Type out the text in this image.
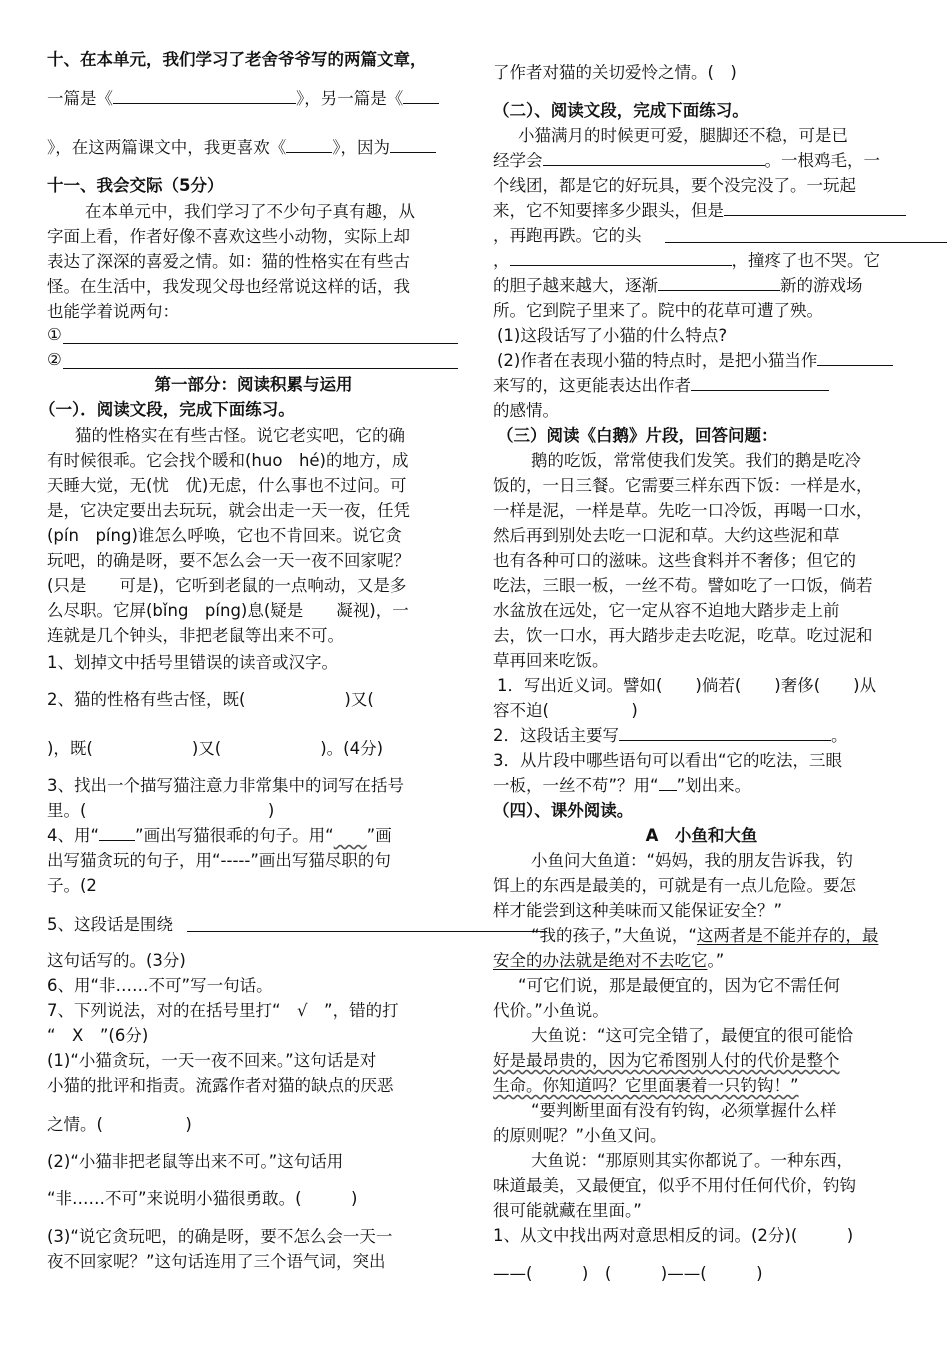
十、在本单元，我们学习了老舍爷爷写的两篇文章，
一篇是《	》，另一篇是《
》，在这两篇课文中，我更喜欢《	》，因为
十一、我会交际（5分）
在本单元中，我们学习了不少句子真有趣，从
字面上看，作者好像不喜欢这些小动物，实际上却
表达了深深的喜爱之情。如：猫的性格实在有些古
怪。在生活中，我发现父母也经常说这样的话，我
也能学着说两句：
①
②
第一部分：阅读积累与运用
（一）．阅读文段，完成下面练习。
猫的性格实在有些古怪。说它老实吧，它的确
有时候很乖。它会找个暖和(huo　hé)的地方，成
天睡大觉，无(忧　优)无虑，什么事也不过问。可
是，它决定要出去玩玩，就会出走一天一夜，任凭
(pín　píng)谁怎么呼唤，它也不肯回来。说它贪
玩吧，的确是呀，要不怎么会一天一夜不回家呢？
(只是　　可是)，它听到老鼠的一点响动，又是多
么尽职。它屏(bǐng　píng)息(疑是　　凝视)，一
连就是几个钟头，非把老鼠等出来不可。
1、划掉文中括号里错误的读音或汉字。
2、猫的性格有些古怪，既(　　　　　　)又(
)，既(　　　　　　)又(　　　　　　)。(4分)
3、找出一个描写猫注意力非常集中的词写在括号
里。(　　　　　　　　　　　)
4、用“ ”画出写猫很乖的句子。用“　　 ”画
出写猫贪玩的句子，用“-----”画出写猫尽职的句
子。(2
5、这段话是围绕
这句话写的。(3分)
6、用“非……不可”写一句话。
7、下列说法，对的在括号里打“　√　”，错的打
“　X　”(6分)
(1)“小猫贪玩，一天一夜不回来。”这句话是对
小猫的批评和指责。流露作者对猫的缺点的厌恶
之情。(　　　　　)
(2)“小猫非把老鼠等出来不可。”这句话用
“非……不可”来说明小猫很勇敢。(　　　)
(3)“说它贪玩吧，的确是呀，要不怎么会一天一
夜不回家呢？”这句话连用了三个语气词，突出
了作者对猫的关切爱怜之情。(　)
（二）、阅读文段，完成下面练习。
小猫满月的时候更可爱，腿脚还不稳，可是已
经学会	。一根鸡毛，一
个线团，都是它的好玩具，要个没完没了。一玩起
来，它不知要摔多少跟头，但是
，再跑再跌。它的头
，	，撞疼了也不哭。它
的胆子越来越大，逐渐	新的游戏场
所。它到院子里来了。院中的花草可遭了殃。
(1)这段话写了小猫的什么特点?
(2)作者在表现小猫的特点时，是把小猫当作
来写的，这更能表达出作者
的感情。
（三）阅读《白鹅》片段，回答问题：
鹅的吃饭，常常使我们发笑。我们的鹅是吃冷
饭的，一日三餐。它需要三样东西下饭：一样是水，
一样是泥，一样是草。先吃一口冷饭，再喝一口水，
然后再到别处去吃一口泥和草。大约这些泥和草
也有各种可口的滋味。这些食料并不奢侈；但它的
吃法，三眼一板，一丝不苟。譬如吃了一口饭，倘若
水盆放在远处，它一定从容不迫地大踏步走上前
去，饮一口水，再大踏步走去吃泥，吃草。吃过泥和
草再回来吃饭。
1．写出近义词。譬如(　　)倘若(　　)奢侈(　　)从
容不迫(　　　　　)
2．这段话主要写	。
3．从片段中哪些语句可以看出“它的吃法，三眼
一板，一丝不苟”？用“ ”划出来。
（四）、课外阅读。
A　小鱼和大鱼
小鱼问大鱼道：“妈妈，我的朋友告诉我，钓
饵上的东西是最美的，可就是有一点儿危险。要怎
样才能尝到这种美味而又能保证安全？”
“我的孩子，”大鱼说，“这两者是不能并存的，最
安全的办法就是绝对不去吃它。”
“可它们说，那是最便宜的，因为它不需任何
代价。”小鱼说。
大鱼说：“这可完全错了，最便宜的很可能恰
好是最昂贵的，因为它希图别人付的代价是整个
生命。你知道吗？它里面裹着一只钓钩！”
“要判断里面有没有钓钩，必须掌握什么样
的原则呢？”小鱼又问。
大鱼说：“那原则其实你都说了。一种东西，
味道最美，又最便宜，似乎不用付任何代价，钓钩
很可能就藏在里面。”
1、从文中找出两对意思相反的词。(2分)(　　　)
——(　　　)　(　　　)——(　　　)
